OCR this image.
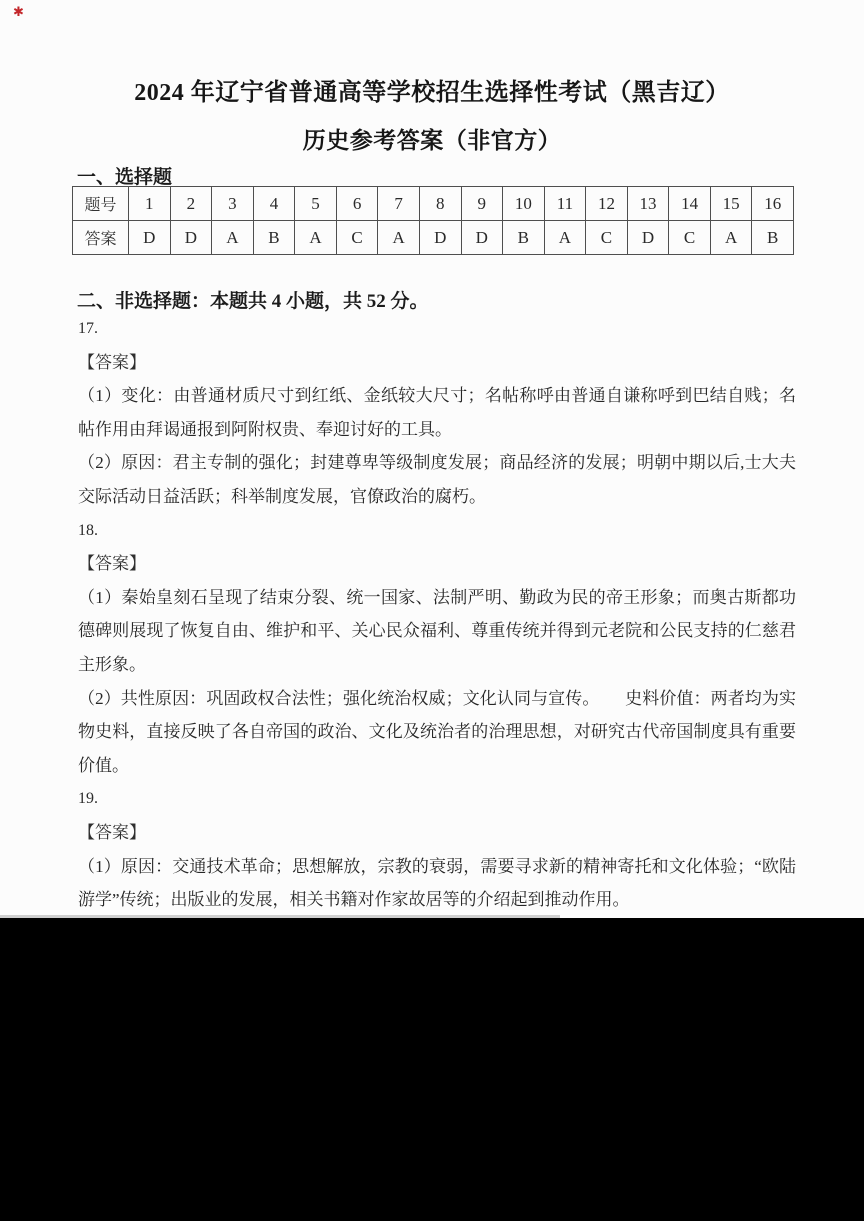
✱
2024 年辽宁省普通高等学校招生选择性考试（黑吉辽）
历史参考答案（非官方）
一、选择题
题号	1	2	3	4	5	6	7	8	9	10	11	12	13	14	15	16
答案	D	D	A	B	A	C	A	D	D	B	A	C	D	C	A	B
二、非选择题：本题共 4 小题，共 52 分。
17.
【答案】

（1）变化：由普通材质尺寸到红纸、金纸较大尺寸；名帖称呼由普通自谦称呼到巴结自贱；名帖作用由拜谒通报到阿附权贵、奉迎讨好的工具。

（2）原因：君主专制的强化；封建尊卑等级制度发展；商品经济的发展；明朝中期以后,士大夫交际活动日益活跃；科举制度发展，官僚政治的腐朽。

18.
【答案】

（1）秦始皇刻石呈现了结束分裂、统一国家、法制严明、勤政为民的帝王形象；而奥古斯都功德碑则展现了恢复自由、维护和平、关心民众福利、尊重传统并得到元老院和公民支持的仁慈君主形象。

（2）共性原因：巩固政权合法性；强化统治权威；文化认同与宣传。　　史料价值：两者均为实物史料，直接反映了各自帝国的政治、文化及统治者的治理思想，对研究古代帝国制度具有重要价值。

19.
【答案】

（1）原因：交通技术革命；思想解放，宗教的衰弱，需要寻求新的精神寄托和文化体验；“欧陆游学”传统；出版业的发展，相关书籍对作家故居等的介绍起到推动作用。
